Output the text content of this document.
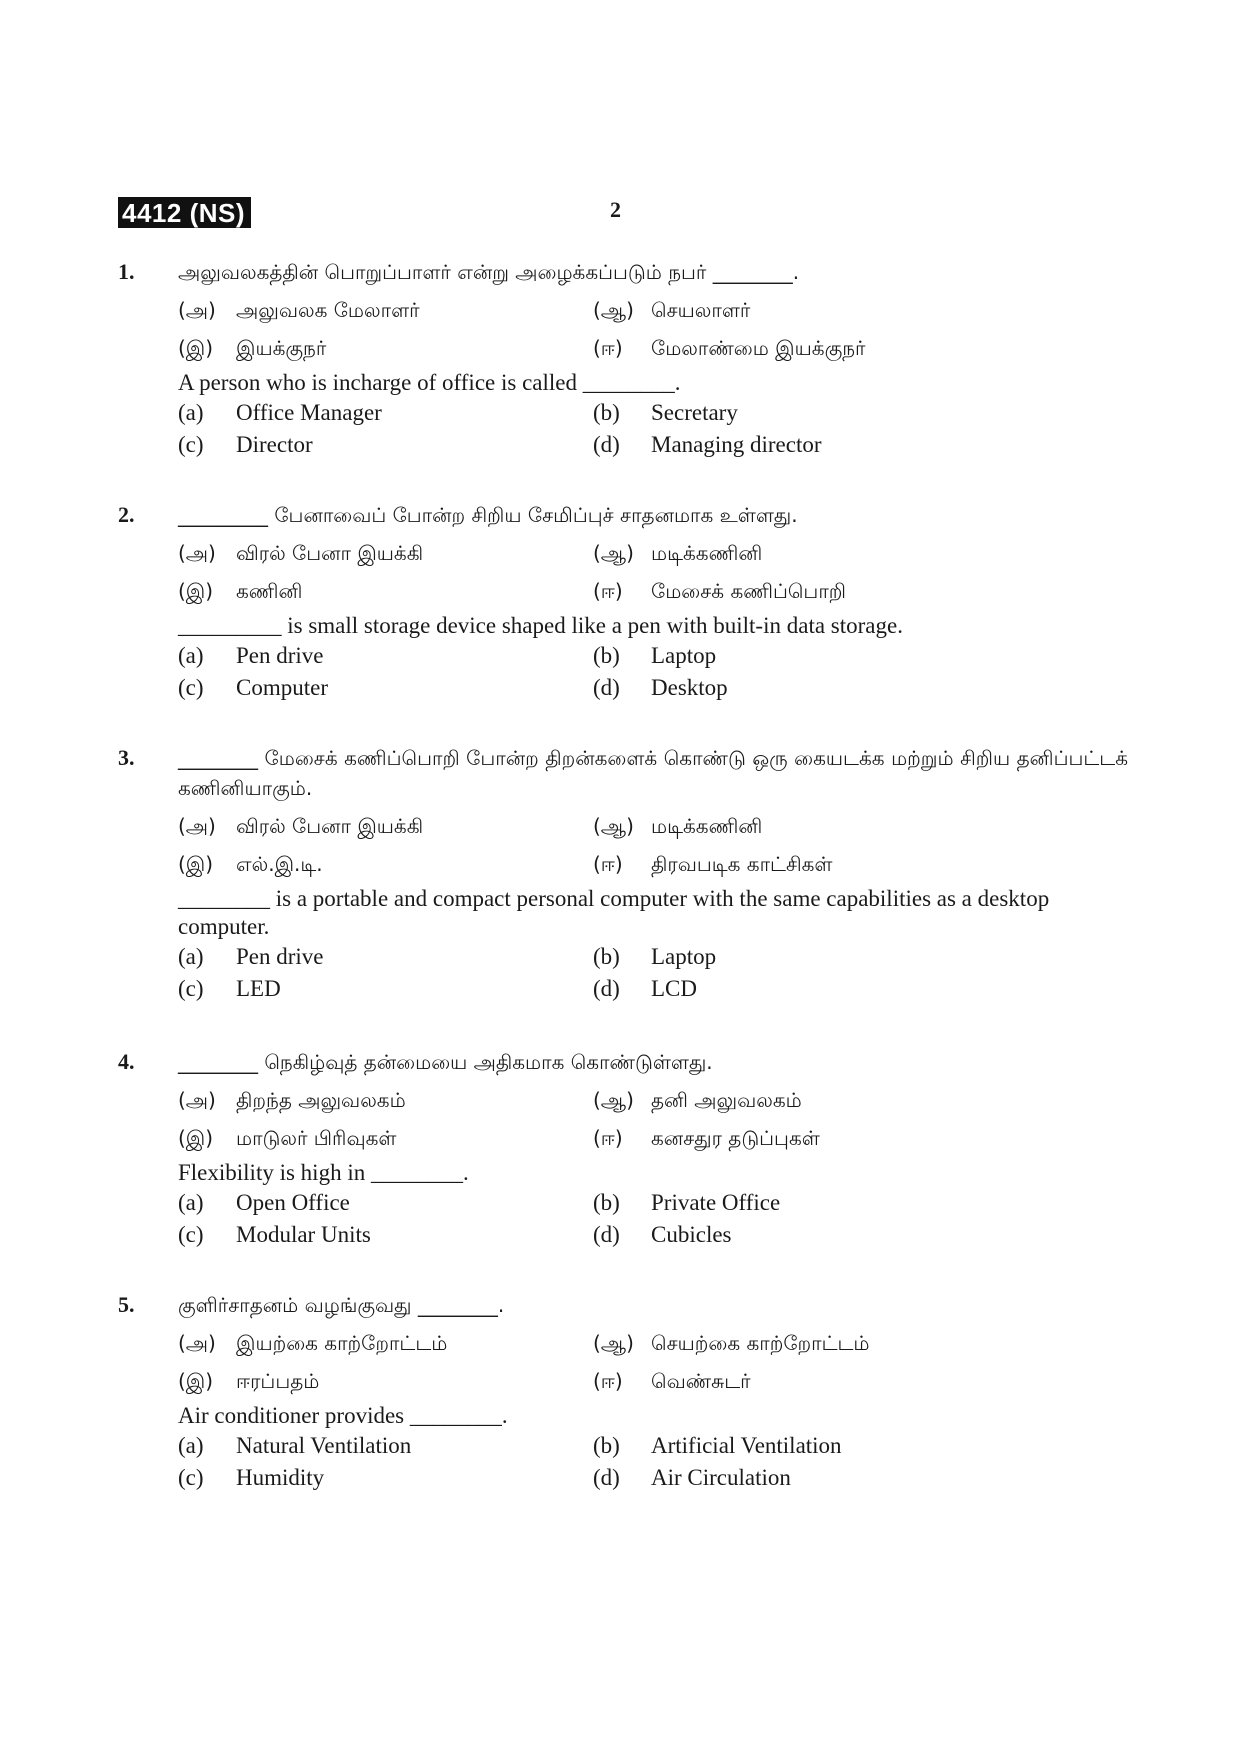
4412 (NS)	2
1. அலுவலகத்தின் பொறுப்பாளர் என்று அழைக்கப்படும் நபர் ________.
(அ) அலுவலக மேலாளர்	(ஆ) செயலாளர்
(இ) இயக்குநர்	(ஈ) மேலாண்மை இயக்குநர்
A person who is incharge of office is called ________.
(a) Office Manager	(b) Secretary
(c) Director	(d) Managing director
2. _________ பேனாவைப் போன்ற சிறிய சேமிப்புச் சாதனமாக உள்ளது.
(அ) விரல் பேனா இயக்கி	(ஆ) மடிக்கணினி
(இ) கணினி	(ஈ) மேசைக் கணிப்பொறி
_________ is small storage device shaped like a pen with built-in data storage.
(a) Pen drive	(b) Laptop
(c) Computer	(d) Desktop
3. ________ மேசைக் கணிப்பொறி போன்ற திறன்களைக் கொண்டு ஒரு கையடக்க மற்றும் சிறிய தனிப்பட்டக் கணினியாகும்.
(அ) விரல் பேனா இயக்கி	(ஆ) மடிக்கணினி
(இ) எல்.இ.டி.	(ஈ) திரவபடிக காட்சிகள்
________ is a portable and compact personal computer with the same capabilities as a desktop computer.
(a) Pen drive	(b) Laptop
(c) LED	(d) LCD
4. ________ நெகிழ்வுத் தன்மையை அதிகமாக கொண்டுள்ளது.
(அ) திறந்த அலுவலகம்	(ஆ) தனி அலுவலகம்
(இ) மாடுலர் பிரிவுகள்	(ஈ) கனசதுர தடுப்புகள்
Flexibility is high in ________.
(a) Open Office	(b) Private Office
(c) Modular Units	(d) Cubicles
5. குளிர்சாதனம் வழங்குவது ________.
(அ) இயற்கை காற்றோட்டம்	(ஆ) செயற்கை காற்றோட்டம்
(இ) ஈரப்பதம்	(ஈ) வெண்சுடர்
Air conditioner provides ________.
(a) Natural Ventilation	(b) Artificial Ventilation
(c) Humidity	(d) Air Circulation
